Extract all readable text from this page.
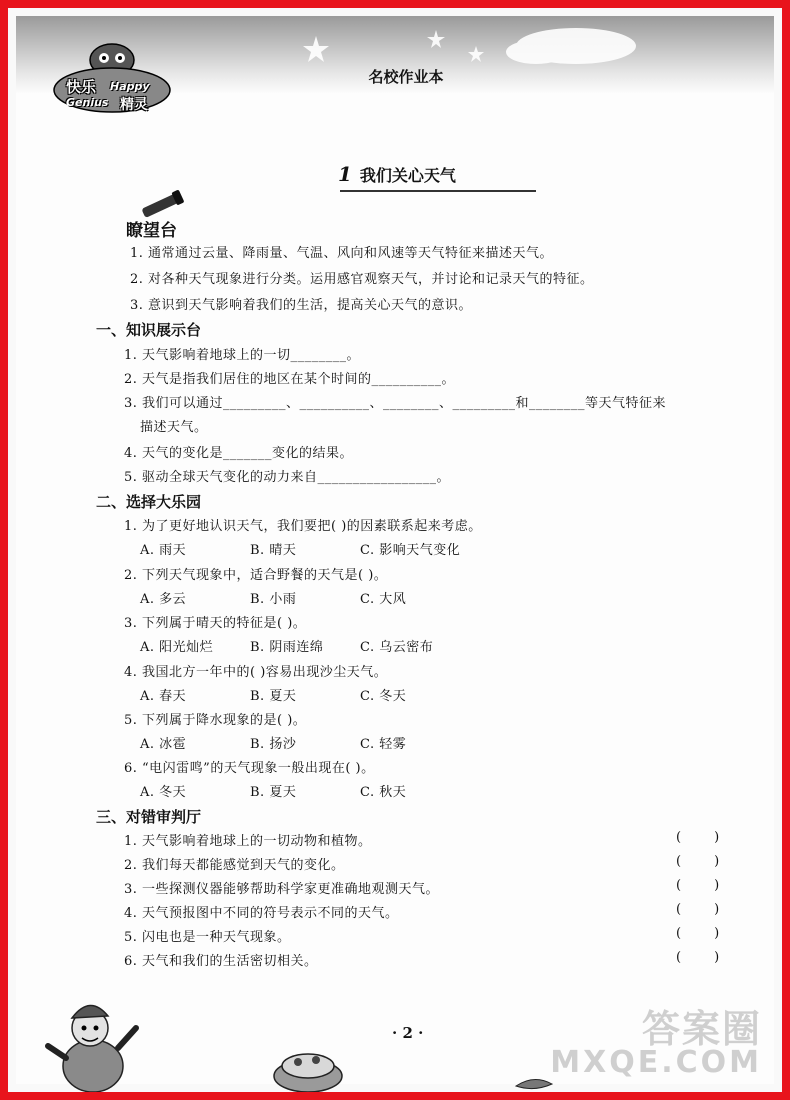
名校作业本
快乐 Happy
Genius 精灵
1 我们关心天气
瞭望台
1. 通常通过云量、降雨量、气温、风向和风速等天气特征来描述天气。
2. 对各种天气现象进行分类。运用感官观察天气，并讨论和记录天气的特征。
3. 意识到天气影响着我们的生活，提高关心天气的意识。
一、知识展示台
1. 天气影响着地球上的一切________。
2. 天气是指我们居住的地区在某个时间的__________。
3. 我们可以通过_________、__________、________、_________和________等天气特征来
描述天气。
4. 天气的变化是_______变化的结果。
5. 驱动全球天气变化的动力来自_________________。
二、选择大乐园
1. 为了更好地认识天气，我们要把( )的因素联系起来考虑。
A. 雨天	B. 晴天	C. 影响天气变化
2. 下列天气现象中，适合野餐的天气是( )。
A. 多云	B. 小雨	C. 大风
3. 下列属于晴天的特征是( )。
A. 阳光灿烂	B. 阴雨连绵	C. 乌云密布
4. 我国北方一年中的( )容易出现沙尘天气。
A. 春天	B. 夏天	C. 冬天
5. 下列属于降水现象的是( )。
A. 冰雹	B. 扬沙	C. 轻雾
6. “电闪雷鸣”的天气现象一般出现在( )。
A. 冬天	B. 夏天	C. 秋天
三、对错审判厅
1. 天气影响着地球上的一切动物和植物。	(        )
2. 我们每天都能感觉到天气的变化。	(        )
3. 一些探测仪器能够帮助科学家更准确地观测天气。	(        )
4. 天气预报图中不同的符号表示不同的天气。	(        )
5. 闪电也是一种天气现象。	(        )
6. 天气和我们的生活密切相关。	(        )
· 2 ·	答案圈
MXQE.COM
